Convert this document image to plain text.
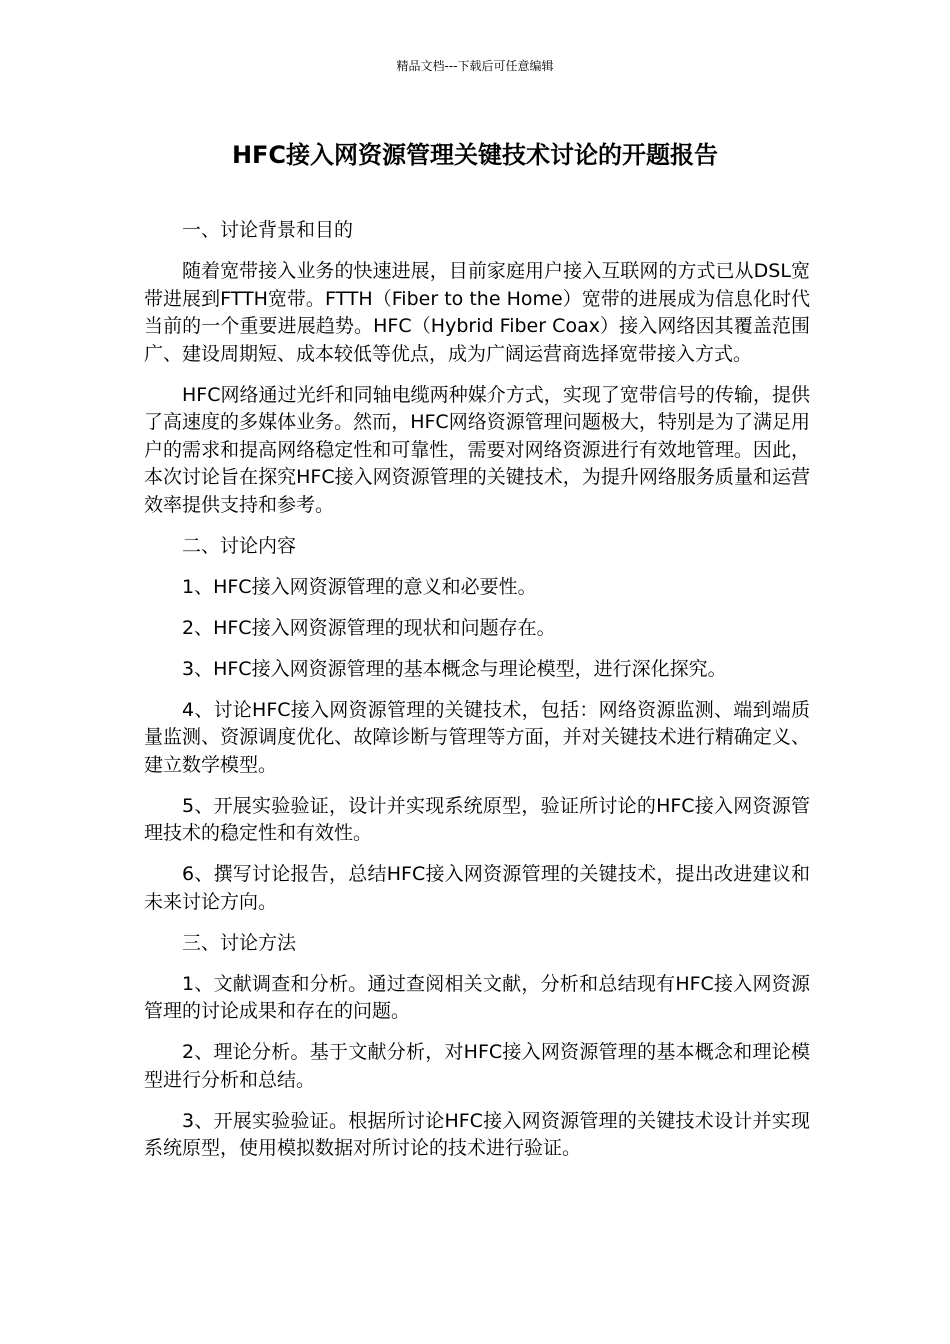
精品文档---下载后可任意编辑
HFC接入网资源管理关键技术讨论的开题报告

一、讨论背景和目的

随着宽带接入业务的快速进展，目前家庭用户接入互联网的方式已从DSL宽带进展到FTTH宽带。FTTH（Fiber to the Home）宽带的进展成为信息化时代当前的一个重要进展趋势。HFC（Hybrid Fiber Coax）接入网络因其覆盖范围广、建设周期短、成本较低等优点，成为广阔运营商选择宽带接入方式。

HFC网络通过光纤和同轴电缆两种媒介方式，实现了宽带信号的传输，提供了高速度的多媒体业务。然而，HFC网络资源管理问题极大，特别是为了满足用户的需求和提高网络稳定性和可靠性，需要对网络资源进行有效地管理。因此，本次讨论旨在探究HFC接入网资源管理的关键技术，为提升网络服务质量和运营效率提供支持和参考。

二、讨论内容

1、HFC接入网资源管理的意义和必要性。

2、HFC接入网资源管理的现状和问题存在。

3、HFC接入网资源管理的基本概念与理论模型，进行深化探究。

4、讨论HFC接入网资源管理的关键技术，包括：网络资源监测、端到端质量监测、资源调度优化、故障诊断与管理等方面，并对关键技术进行精确定义、建立数学模型。

5、开展实验验证，设计并实现系统原型，验证所讨论的HFC接入网资源管理技术的稳定性和有效性。

6、撰写讨论报告，总结HFC接入网资源管理的关键技术，提出改进建议和未来讨论方向。

三、讨论方法

1、文献调查和分析。通过查阅相关文献，分析和总结现有HFC接入网资源管理的讨论成果和存在的问题。

2、理论分析。基于文献分析，对HFC接入网资源管理的基本概念和理论模型进行分析和总结。

3、开展实验验证。根据所讨论HFC接入网资源管理的关键技术设计并实现系统原型，使用模拟数据对所讨论的技术进行验证。
